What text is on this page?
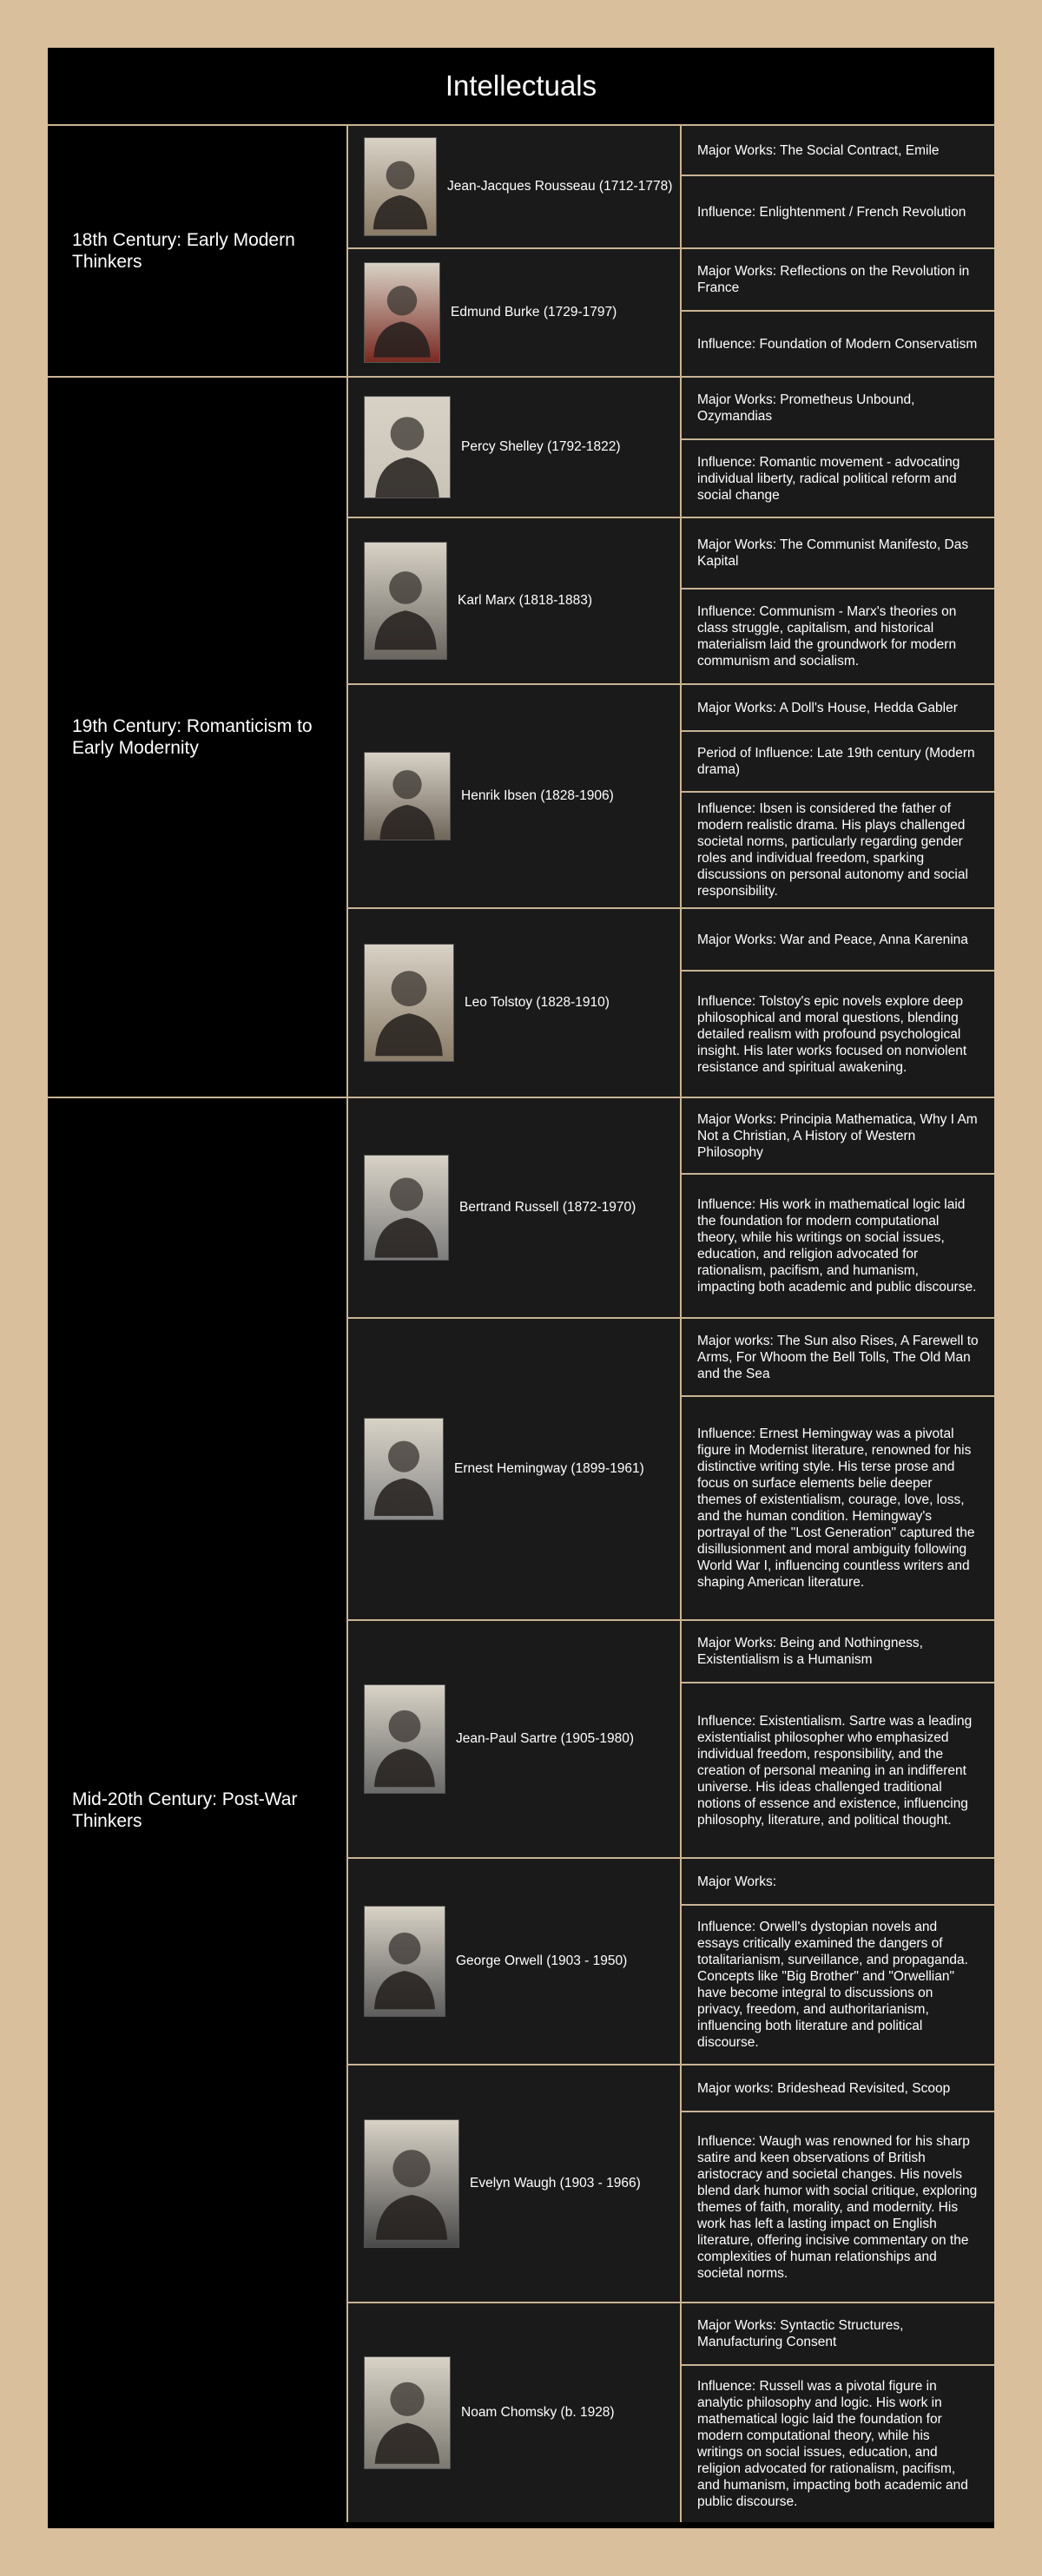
Intellectuals
18th Century: Early Modern Thinkers
Jean-Jacques Rousseau (1712-1778)
Major Works: The Social Contract, Emile
Influence: Enlightenment / French Revolution
Edmund Burke (1729-1797)
Major Works: Reflections on the Revolution in France
Influence: Foundation of Modern Conservatism
19th Century: Romanticism to Early Modernity
Percy Shelley (1792-1822)
Major Works: Prometheus Unbound, Ozymandias
Influence: Romantic movement - advocating individual liberty, radical political reform and social change
Karl Marx (1818-1883)
Major Works: The Communist Manifesto, Das Kapital
Influence: Communism - Marx's theories on class struggle, capitalism, and historical materialism laid the groundwork for modern communism and socialism.
Henrik Ibsen (1828-1906)
Major Works: A Doll's House, Hedda Gabler
Period of Influence: Late 19th century (Modern drama)
Influence: Ibsen is considered the father of modern realistic drama. His plays challenged societal norms, particularly regarding gender roles and individual freedom, sparking discussions on personal autonomy and social responsibility.
Leo Tolstoy (1828-1910)
Major Works: War and Peace, Anna Karenina
Influence: Tolstoy's epic novels explore deep philosophical and moral questions, blending detailed realism with profound psychological insight. His later works focused on nonviolent resistance and spiritual awakening.
Mid-20th Century: Post-War Thinkers
Bertrand Russell (1872-1970)
Major Works: Principia Mathematica, Why I Am Not a Christian, A History of Western Philosophy
Influence: His work in mathematical logic laid the foundation for modern computational theory, while his writings on social issues, education, and religion advocated for rationalism, pacifism, and humanism, impacting both academic and public discourse.
Ernest Hemingway (1899-1961)
Major works: The Sun also Rises, A Farewell to Arms, For Whoom the Bell Tolls, The Old Man and the Sea
Influence: Ernest Hemingway was a pivotal figure in Modernist literature, renowned for his distinctive writing style. His terse prose and focus on surface elements belie deeper themes of existentialism, courage, love, loss, and the human condition. Hemingway's portrayal of the "Lost Generation" captured the disillusionment and moral ambiguity following World War I, influencing countless writers and shaping American literature.
Jean-Paul Sartre (1905-1980)
Major Works: Being and Nothingness, Existentialism is a Humanism
Influence: Existentialism. Sartre was a leading existentialist philosopher who emphasized individual freedom, responsibility, and the creation of personal meaning in an indifferent universe. His ideas challenged traditional notions of essence and existence, influencing philosophy, literature, and political thought.
George Orwell (1903 - 1950)
Major Works:
Influence: Orwell's dystopian novels and essays critically examined the dangers of totalitarianism, surveillance, and propaganda. Concepts like "Big Brother" and "Orwellian" have become integral to discussions on privacy, freedom, and authoritarianism, influencing both literature and political discourse.
Evelyn Waugh (1903 - 1966)
Major works: Brideshead Revisited, Scoop
Influence: Waugh was renowned for his sharp satire and keen observations of British aristocracy and societal changes. His novels blend dark humor with social critique, exploring themes of faith, morality, and modernity. His work has left a lasting impact on English literature, offering incisive commentary on the complexities of human relationships and societal norms.
Noam Chomsky (b. 1928)
Major Works: Syntactic Structures, Manufacturing Consent
Influence: Russell was a pivotal figure in analytic philosophy and logic. His work in mathematical logic laid the foundation for modern computational theory, while his writings on social issues, education, and religion advocated for rationalism, pacifism, and humanism, impacting both academic and public discourse.
